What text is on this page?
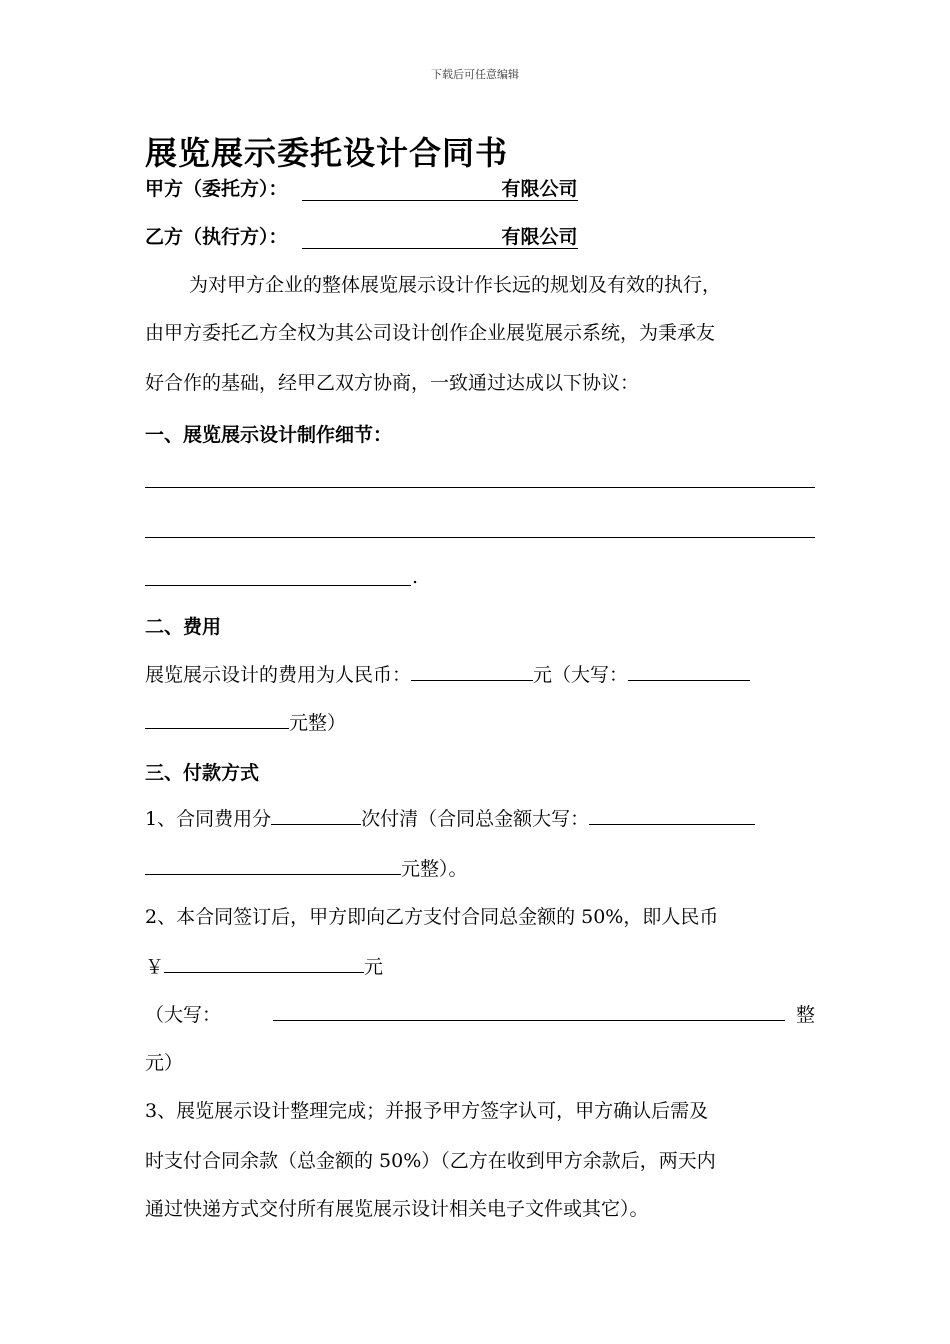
下载后可任意编辑
展览展示委托设计合同书
甲方（委托方）：	有限公司
乙方（执行方）：	有限公司
为对甲方企业的整体展览展示设计作长远的规划及有效的执行，
由甲方委托乙方全权为其公司设计创作企业展览展示系统，为秉承友
好合作的基础，经甲乙双方协商，一致通过达成以下协议：
一、展览展示设计制作细节：
.
二、费用
展览展示设计的费用为人民币：	元（大写：
元整）
三、付款方式
1、合同费用分	次付清（合同总金额大写：
元整）。
2、本合同签订后，甲方即向乙方支付合同总金额的 50%，即人民币
￥	元
（大写：	整
元）
3、展览展示设计整理完成；并报予甲方签字认可，甲方确认后需及
时支付合同余款（总金额的 50%）（乙方在收到甲方余款后，两天内
通过快递方式交付所有展览展示设计相关电子文件或其它）。
